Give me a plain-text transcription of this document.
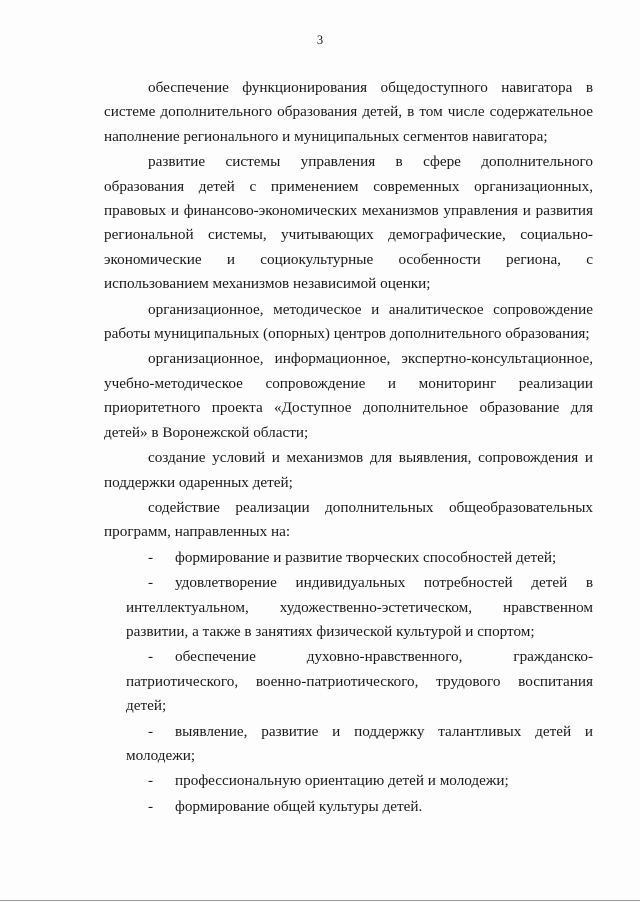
3

обеспечение функционирования общедоступного навигатора в системе дополнительного образования детей, в том числе содержательное наполнение регионального и муниципальных сегментов навигатора;

развитие системы управления в сфере дополнительного образования детей с применением современных организационных, правовых и финансово-экономических механизмов управления и развития региональной системы, учитывающих демографические, социально-экономические и социокультурные особенности региона, с использованием механизмов независимой оценки;

организационное, методическое и аналитическое сопровождение работы муниципальных (опорных) центров дополнительного образования;

организационное, информационное, экспертно-консультационное, учебно-методическое сопровождение и мониторинг реализации приоритетного проекта «Доступное дополнительное образование для детей» в Воронежской области;

создание условий и механизмов для выявления, сопровождения и поддержки одаренных детей;

содействие реализации дополнительных общеобразовательных программ, направленных на:

-	формирование и развитие творческих способностей детей;
-	удовлетворение индивидуальных потребностей детей в интеллектуальном, художественно-эстетическом, нравственном развитии, а также в занятиях физической культурой и спортом;
-	обеспечение духовно-нравственного, гражданско-патриотического, военно-патриотического, трудового воспитания детей;
-	выявление, развитие и поддержку талантливых детей и молодежи;
-	профессиональную ориентацию детей и молодежи;
-	формирование общей культуры детей.
